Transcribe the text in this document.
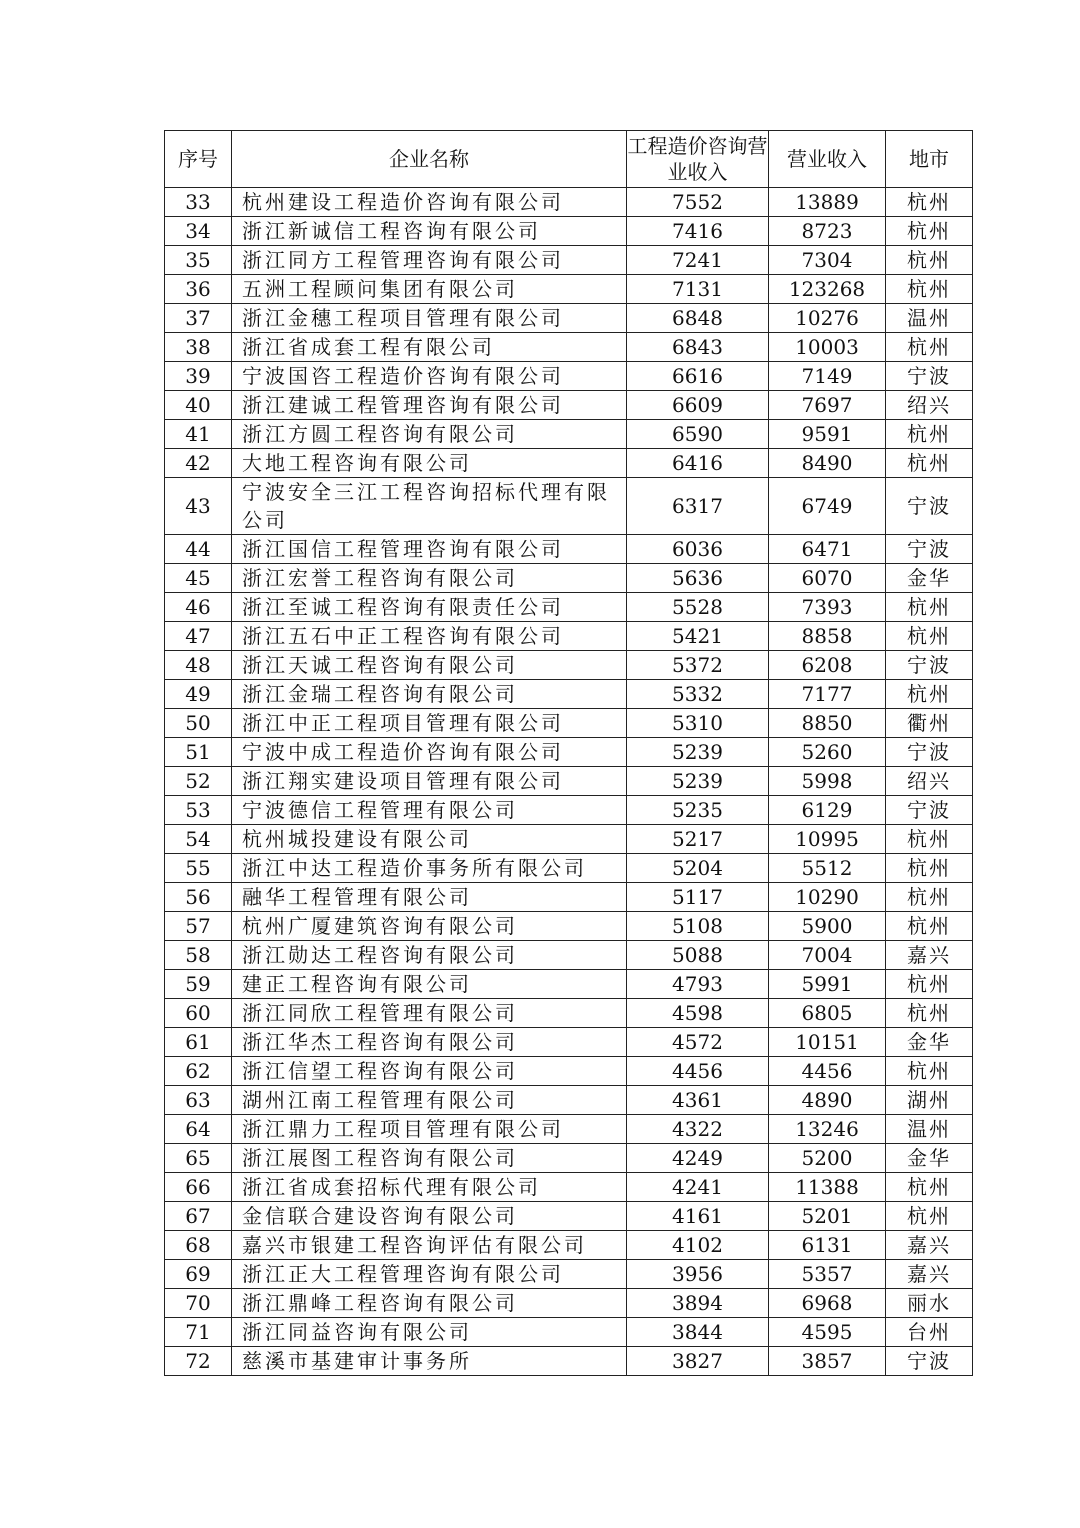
序号	企业名称	工程造价咨询营业收入	营业收入	地市
33	杭州建设工程造价咨询有限公司	7552	13889	杭州
34	浙江新诚信工程咨询有限公司	7416	8723	杭州
35	浙江同方工程管理咨询有限公司	7241	7304	杭州
36	五洲工程顾问集团有限公司	7131	123268	杭州
37	浙江金穗工程项目管理有限公司	6848	10276	温州
38	浙江省成套工程有限公司	6843	10003	杭州
39	宁波国咨工程造价咨询有限公司	6616	7149	宁波
40	浙江建诚工程管理咨询有限公司	6609	7697	绍兴
41	浙江方圆工程咨询有限公司	6590	9591	杭州
42	大地工程咨询有限公司	6416	8490	杭州
43	宁波安全三江工程咨询招标代理有限公司	6317	6749	宁波
44	浙江国信工程管理咨询有限公司	6036	6471	宁波
45	浙江宏誉工程咨询有限公司	5636	6070	金华
46	浙江至诚工程咨询有限责任公司	5528	7393	杭州
47	浙江五石中正工程咨询有限公司	5421	8858	杭州
48	浙江天诚工程咨询有限公司	5372	6208	宁波
49	浙江金瑞工程咨询有限公司	5332	7177	杭州
50	浙江中正工程项目管理有限公司	5310	8850	衢州
51	宁波中成工程造价咨询有限公司	5239	5260	宁波
52	浙江翔实建设项目管理有限公司	5239	5998	绍兴
53	宁波德信工程管理有限公司	5235	6129	宁波
54	杭州城投建设有限公司	5217	10995	杭州
55	浙江中达工程造价事务所有限公司	5204	5512	杭州
56	融华工程管理有限公司	5117	10290	杭州
57	杭州广厦建筑咨询有限公司	5108	5900	杭州
58	浙江勋达工程咨询有限公司	5088	7004	嘉兴
59	建正工程咨询有限公司	4793	5991	杭州
60	浙江同欣工程管理有限公司	4598	6805	杭州
61	浙江华杰工程咨询有限公司	4572	10151	金华
62	浙江信望工程咨询有限公司	4456	4456	杭州
63	湖州江南工程管理有限公司	4361	4890	湖州
64	浙江鼎力工程项目管理有限公司	4322	13246	温州
65	浙江展图工程咨询有限公司	4249	5200	金华
66	浙江省成套招标代理有限公司	4241	11388	杭州
67	金信联合建设咨询有限公司	4161	5201	杭州
68	嘉兴市银建工程咨询评估有限公司	4102	6131	嘉兴
69	浙江正大工程管理咨询有限公司	3956	5357	嘉兴
70	浙江鼎峰工程咨询有限公司	3894	6968	丽水
71	浙江同益咨询有限公司	3844	4595	台州
72	慈溪市基建审计事务所	3827	3857	宁波
